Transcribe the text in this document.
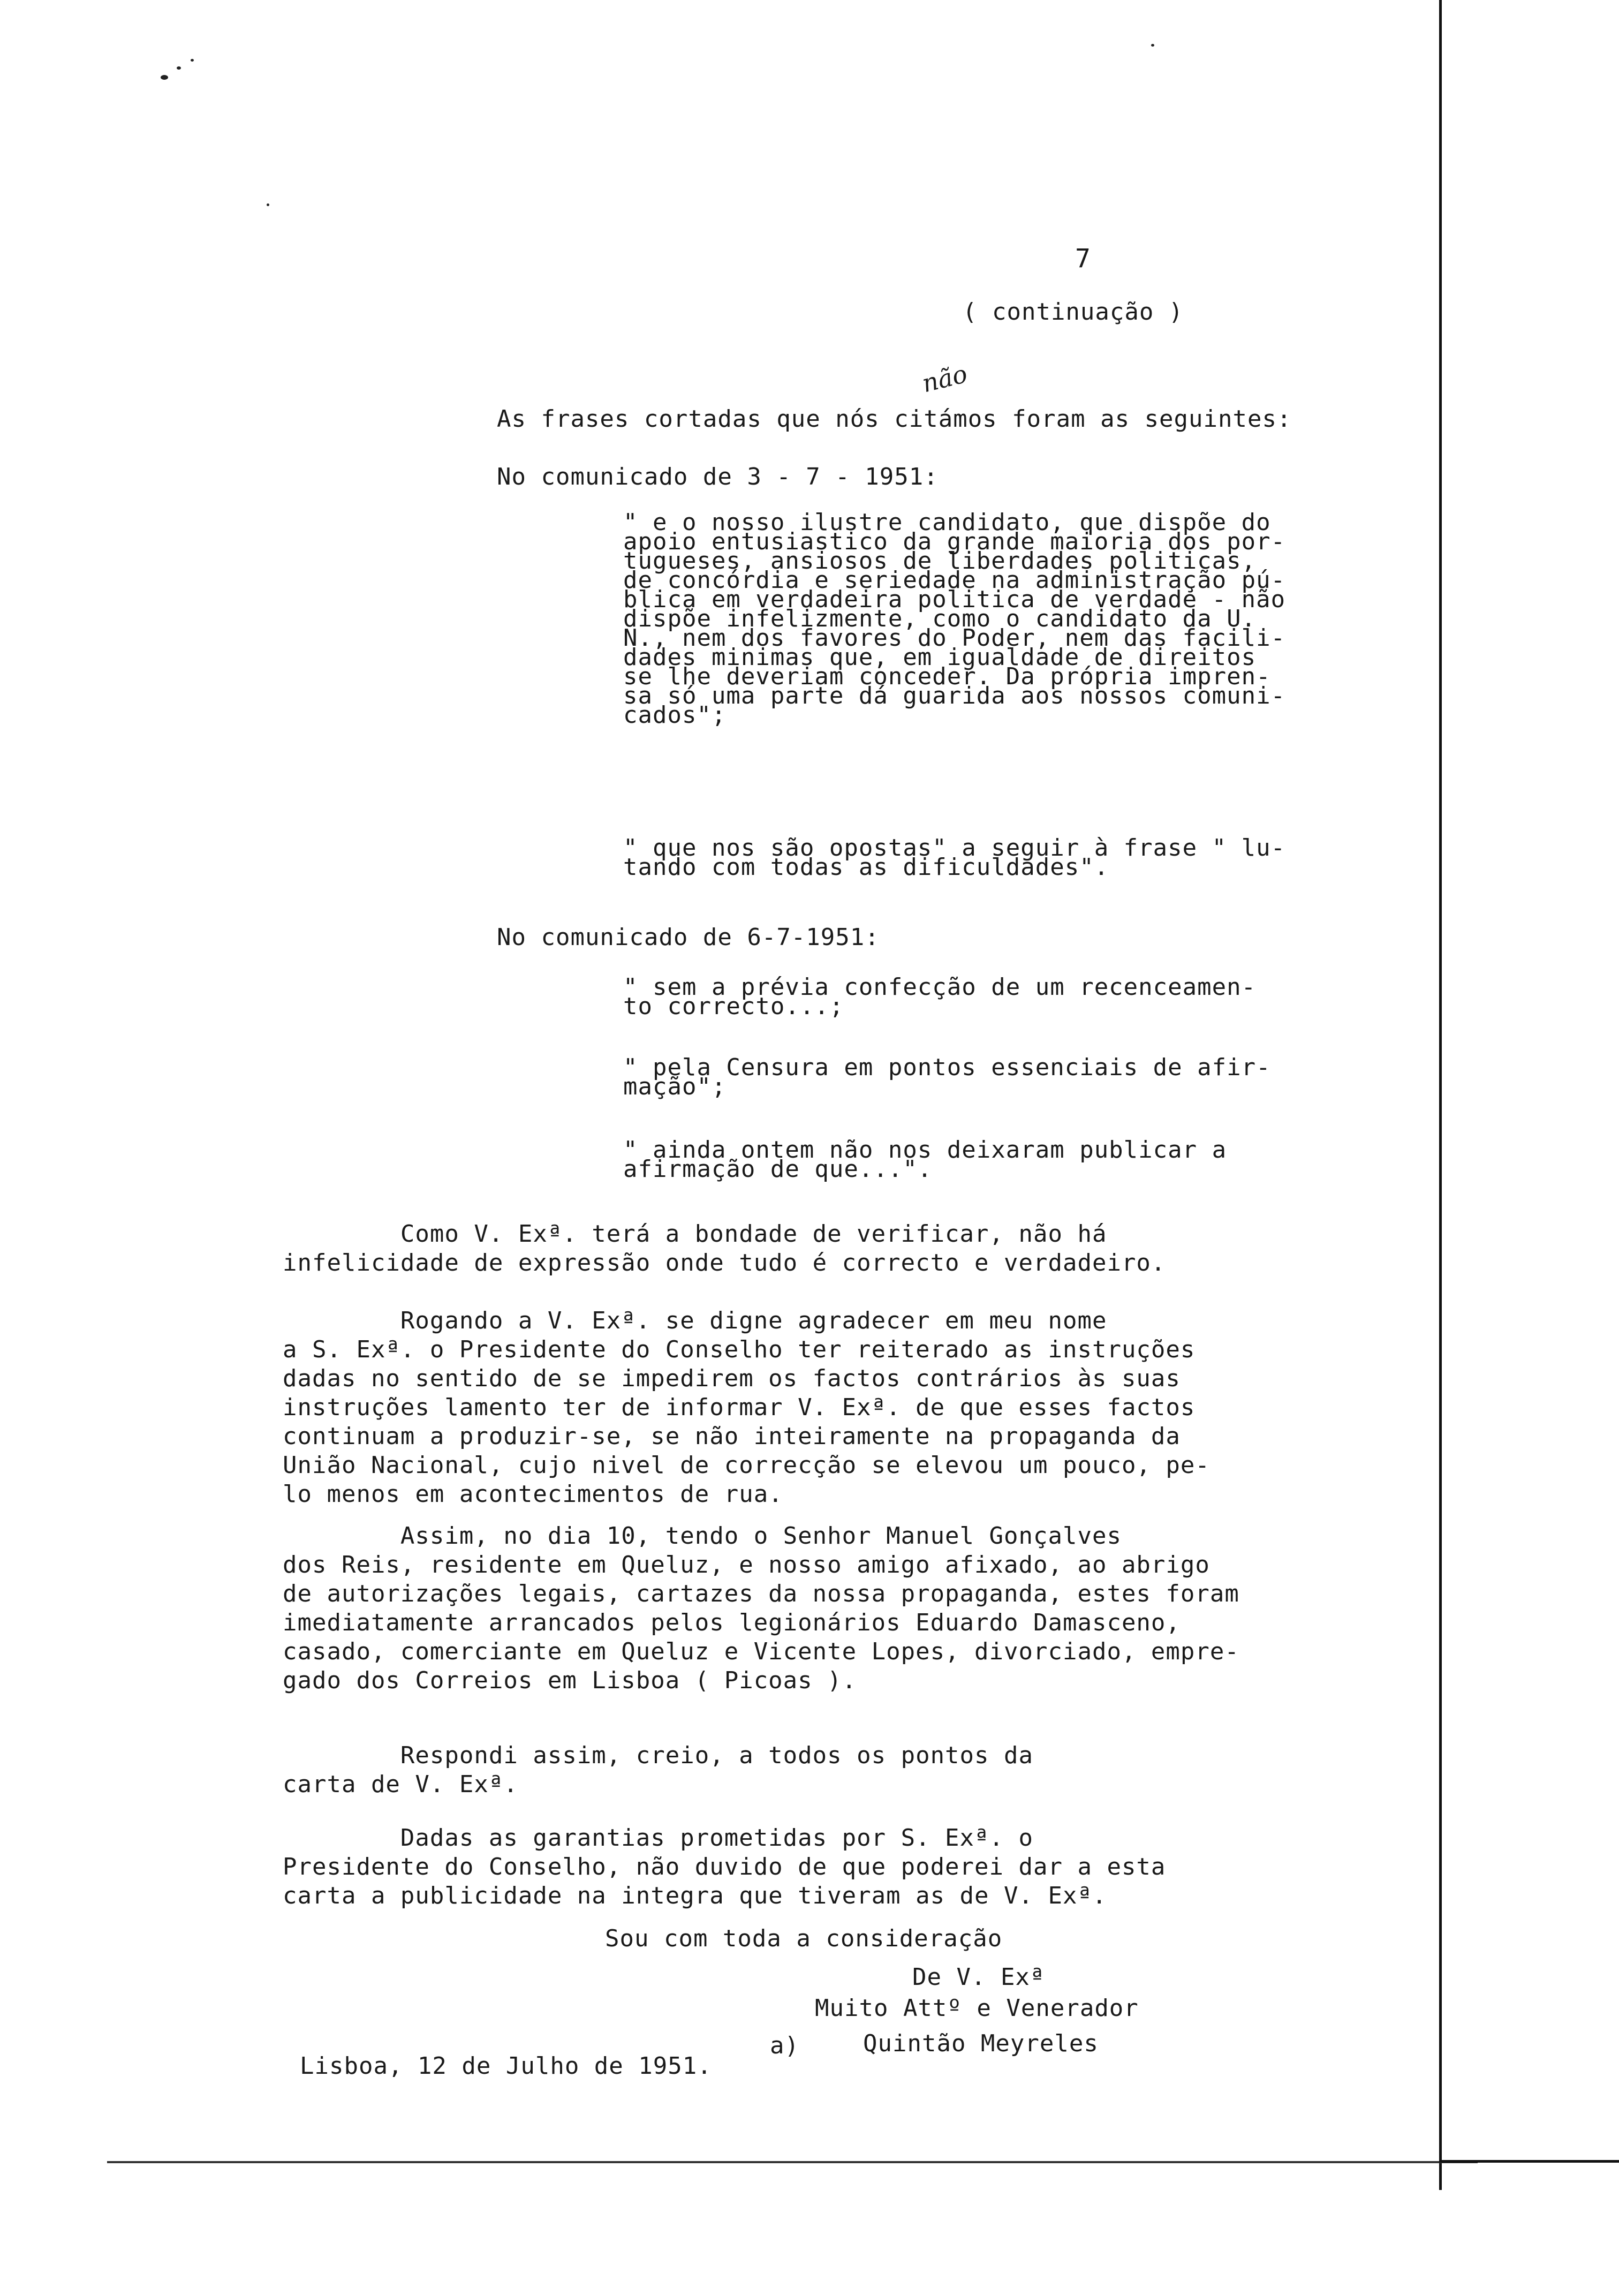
7
( continuação )
não
As frases cortadas que nós citámos foram as seguintes:
No comunicado de 3 - 7 - 1951:
" e o nosso ilustre candidato, que dispõe do
apoio entusiastico da grande maioria dos por-
tugueses, ansiosos de liberdades politicas,
de concórdia e seriedade na administração pú-
blica em verdadeira politica de verdade - não
dispõe infelizmente, como o candidato da U.
N., nem dos favores do Poder, nem das facili-
dades minimas que, em igualdade de direitos
se lhe deveriam conceder. Da própria impren-
sa só uma parte dá guarida aos nossos comuni-
cados";
" que nos são opostas" a seguir à frase " lu-
tando com todas as dificuldades".
No comunicado de 6-7-1951:
" sem a prévia confecção de um recenceamen-
to correcto...;
" pela Censura em pontos essenciais de afir-
mação";
" ainda ontem não nos deixaram publicar a
afirmação de que...".
Como V. Exª. terá a bondade de verificar, não há
infelicidade de expressão onde tudo é correcto e verdadeiro.
Rogando a V. Exª. se digne agradecer em meu nome
a S. Exª. o Presidente do Conselho ter reiterado as instruções
dadas no sentido de se impedirem os factos contrários às suas
instruções lamento ter de informar V. Exª. de que esses factos
continuam a produzir-se, se não inteiramente na propaganda da
União Nacional, cujo nivel de correcção se elevou um pouco, pe-
lo menos em acontecimentos de rua.
Assim, no dia 10, tendo o Senhor Manuel Gonçalves
dos Reis, residente em Queluz, e nosso amigo afixado, ao abrigo
de autorizações legais, cartazes da nossa propaganda, estes foram
imediatamente arrancados pelos legionários Eduardo Damasceno,
casado, comerciante em Queluz e Vicente Lopes, divorciado, empre-
gado dos Correios em Lisboa ( Picoas ).
Respondi assim, creio, a todos os pontos da
carta de V. Exª.
Dadas as garantias prometidas por S. Exª. o
Presidente do Conselho, não duvido de que poderei dar a esta
carta a publicidade na integra que tiveram as de V. Exª.
Sou com toda a consideração
De V. Exª
Muito Attº e Venerador
a)	Quintão Meyreles
Lisboa, 12 de Julho de 1951.
